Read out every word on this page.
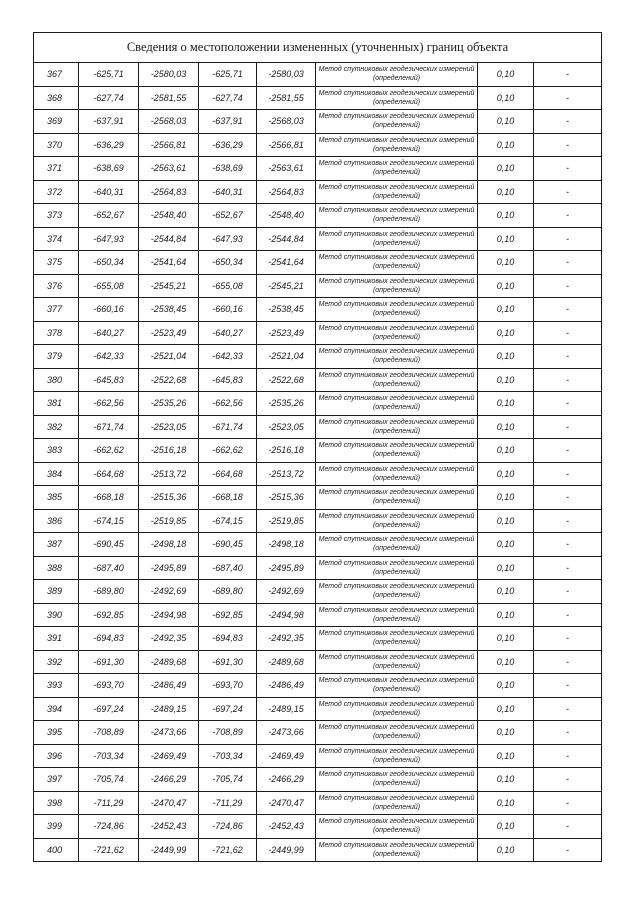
Сведения о местоположении измененных (уточненных) границ объекта							
367	-625,71	-2580,03	-625,71	-2580,03	Метод спутниковых геодезических измерений (определений)	0,10	-
368	-627,74	-2581,55	-627,74	-2581,55	Метод спутниковых геодезических измерений (определений)	0,10	-
369	-637,91	-2568,03	-637,91	-2568,03	Метод спутниковых геодезических измерений (определений)	0,10	-
370	-636,29	-2566,81	-636,29	-2566,81	Метод спутниковых геодезических измерений (определений)	0,10	-
371	-638,69	-2563,61	-638,69	-2563,61	Метод спутниковых геодезических измерений (определений)	0,10	-
372	-640,31	-2564,83	-640,31	-2564,83	Метод спутниковых геодезических измерений (определений)	0,10	-
373	-652,67	-2548,40	-652,67	-2548,40	Метод спутниковых геодезических измерений (определений)	0,10	-
374	-647,93	-2544,84	-647,93	-2544,84	Метод спутниковых геодезических измерений (определений)	0,10	-
375	-650,34	-2541,64	-650,34	-2541,64	Метод спутниковых геодезических измерений (определений)	0,10	-
376	-655,08	-2545,21	-655,08	-2545,21	Метод спутниковых геодезических измерений (определений)	0,10	-
377	-660,16	-2538,45	-660,16	-2538,45	Метод спутниковых геодезических измерений (определений)	0,10	-
378	-640,27	-2523,49	-640,27	-2523,49	Метод спутниковых геодезических измерений (определений)	0,10	-
379	-642,33	-2521,04	-642,33	-2521,04	Метод спутниковых геодезических измерений (определений)	0,10	-
380	-645,83	-2522,68	-645,83	-2522,68	Метод спутниковых геодезических измерений (определений)	0,10	-
381	-662,56	-2535,26	-662,56	-2535,26	Метод спутниковых геодезических измерений (определений)	0,10	-
382	-671,74	-2523,05	-671,74	-2523,05	Метод спутниковых геодезических измерений (определений)	0,10	-
383	-662,62	-2516,18	-662,62	-2516,18	Метод спутниковых геодезических измерений (определений)	0,10	-
384	-664,68	-2513,72	-664,68	-2513,72	Метод спутниковых геодезических измерений (определений)	0,10	-
385	-668,18	-2515,36	-668,18	-2515,36	Метод спутниковых геодезических измерений (определений)	0,10	-
386	-674,15	-2519,85	-674,15	-2519,85	Метод спутниковых геодезических измерений (определений)	0,10	-
387	-690,45	-2498,18	-690,45	-2498,18	Метод спутниковых геодезических измерений (определений)	0,10	-
388	-687,40	-2495,89	-687,40	-2495,89	Метод спутниковых геодезических измерений (определений)	0,10	-
389	-689,80	-2492,69	-689,80	-2492,69	Метод спутниковых геодезических измерений (определений)	0,10	-
390	-692,85	-2494,98	-692,85	-2494,98	Метод спутниковых геодезических измерений (определений)	0,10	-
391	-694,83	-2492,35	-694,83	-2492,35	Метод спутниковых геодезических измерений (определений)	0,10	-
392	-691,30	-2489,68	-691,30	-2489,68	Метод спутниковых геодезических измерений (определений)	0,10	-
393	-693,70	-2486,49	-693,70	-2486,49	Метод спутниковых геодезических измерений (определений)	0,10	-
394	-697,24	-2489,15	-697,24	-2489,15	Метод спутниковых геодезических измерений (определений)	0,10	-
395	-708,89	-2473,66	-708,89	-2473,66	Метод спутниковых геодезических измерений (определений)	0,10	-
396	-703,34	-2469,49	-703,34	-2469,49	Метод спутниковых геодезических измерений (определений)	0,10	-
397	-705,74	-2466,29	-705,74	-2466,29	Метод спутниковых геодезических измерений (определений)	0,10	-
398	-711,29	-2470,47	-711,29	-2470,47	Метод спутниковых геодезических измерений (определений)	0,10	-
399	-724,86	-2452,43	-724,86	-2452,43	Метод спутниковых геодезических измерений (определений)	0,10	-
400	-721,62	-2449,99	-721,62	-2449,99	Метод спутниковых геодезических измерений (определений)	0,10	-
